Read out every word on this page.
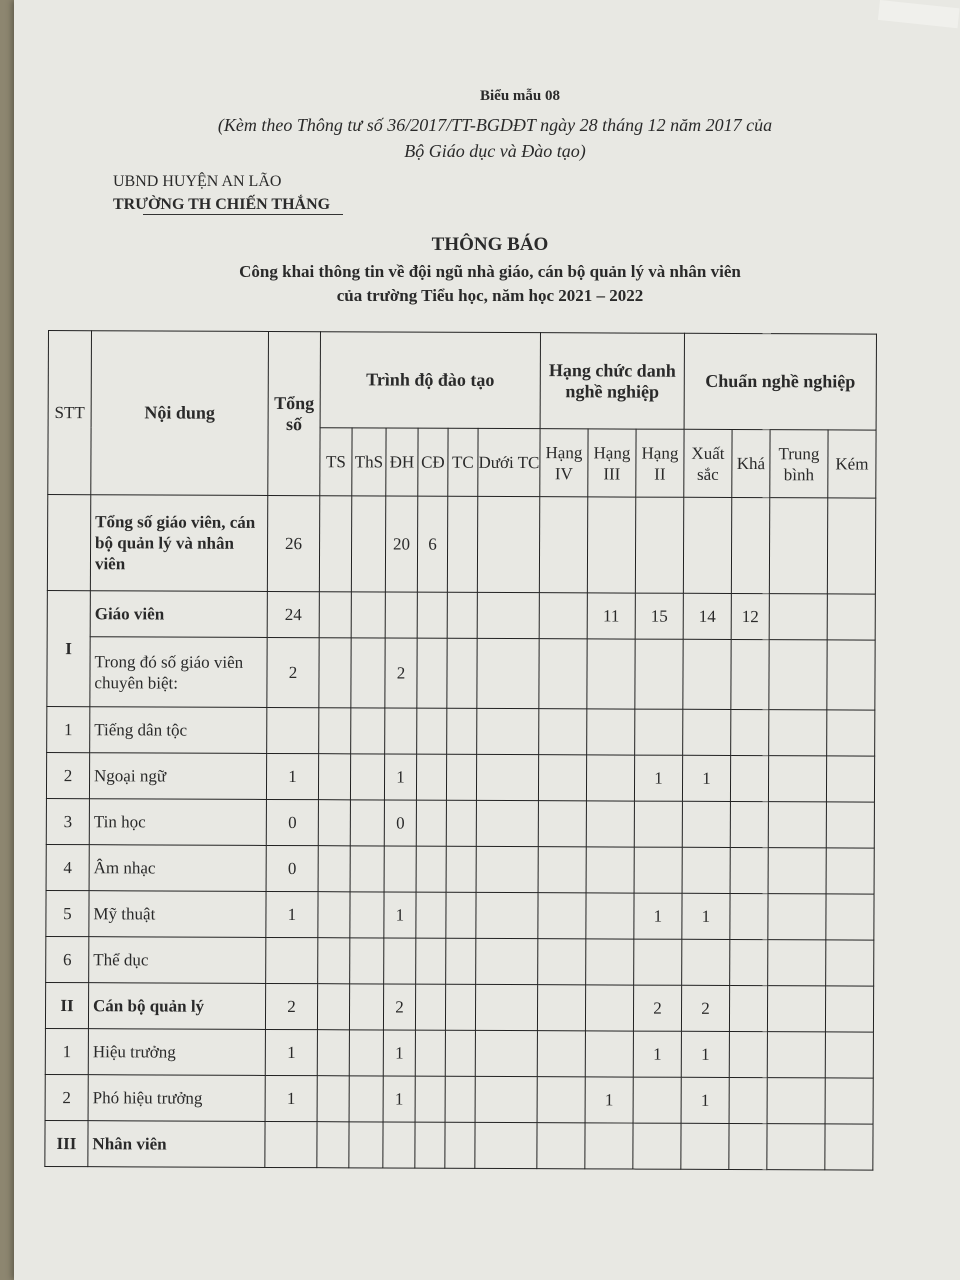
Biểu mẫu 08
(Kèm theo Thông tư số 36/2017/TT-BGDĐT ngày 28 tháng 12 năm 2017 của
Bộ Giáo dục và Đào tạo)
UBND HUYỆN AN LÃO
TRƯỜNG TH CHIẾN THẮNG
THÔNG BÁO
Công khai thông tin về đội ngũ nhà giáo, cán bộ quản lý và nhân viên
của trường Tiểu học, năm học 2021 – 2022
STT	Nội dung	Tổng số	Trình độ đào tạo						Hạng chức danh nghề nghiệp			Chuẩn nghề nghiệp			
			TS	ThS	ĐH	CĐ	TC	Dưới TC	Hạng IV	Hạng III	Hạng II	Xuất sắc	Khá	Trung bình	Kém
	Tổng số giáo viên, cán bộ quản lý và nhân viên	26			20	6									
I	Giáo viên	24								11	15	14	12		
	Trong đó số giáo viên chuyên biệt:	2			2										
1	Tiếng dân tộc														
2	Ngoại ngữ	1			1						1	1			
3	Tin học	0			0										
4	Âm nhạc	0													
5	Mỹ thuật	1			1						1	1			
6	Thể dục														
II	Cán bộ quản lý	2			2						2	2			
1	Hiệu trưởng	1			1						1	1			
2	Phó hiệu trưởng	1			1					1		1			
III	Nhân viên														
